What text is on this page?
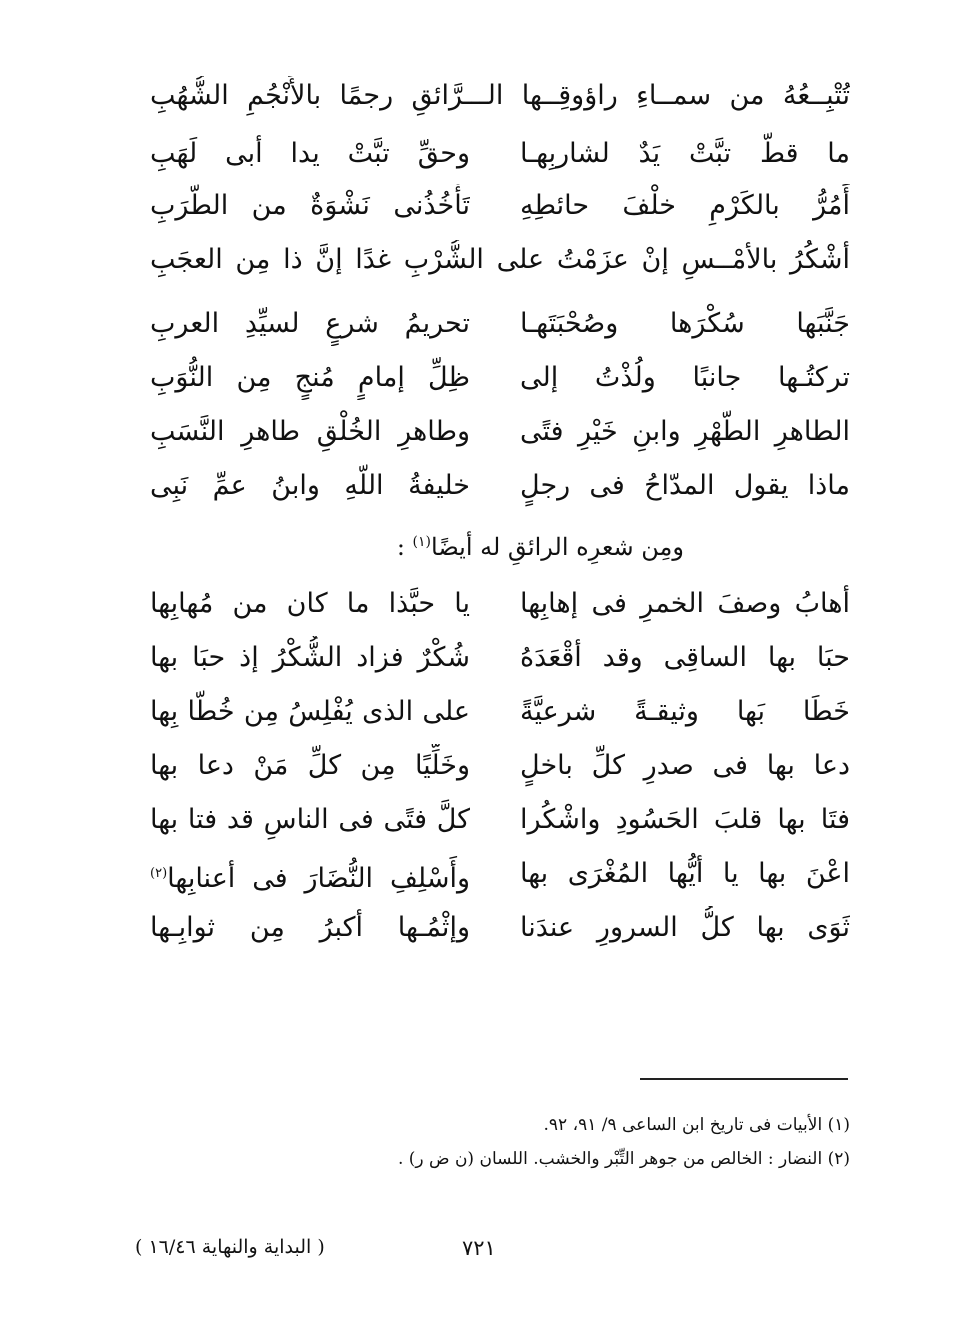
تُتْبِــعُهُ من سمــاءِ راؤوقِــها الـــرَّائقِ رجمًا بالأَنْجُمِ الشُّهُبِ
ما قطُّ تبَّتْ يَدٌ لشاربِهـا
وحقِّ تبَّتْ يدا أبى لَهَبِ
أَمُرُّ بالكَرْمِ خلْفَ حائطِهِ
تَأْخُذُنى نَشْوَةٌ من الطَّرَبِ
أَشْكُرُ بالأمْــسِ إنْ عزَمْتُ على الشُّرْبِ غدًا إنَّ ذا مِن العجَبِ
جَنَّبَها سُكْرَها وصُحْبَتَهـا
تحريمُ شرعٍ لسيِّدِ العربِ
تركتُـها جانبًا ولُذْتُ إلى
ظِلِّ إمامٍ مُنجٍ مِن النُّوَبِ
الطاهرِ الطُّهْرِ وابنِ خَيْرِ فتًى
وطاهرِ الخُلْقِ طاهرِ النَّسَبِ
ماذا يقول المدّاحُ فى رجلٍ
خليفةُ اللّهِ وابنُ عمِّ نَبِى
ومِن شعرِه الرائقِ له أيضًا$^{(١)}$ :
أهابُ وصفَ الخمرِ فى إهابِها
يا حبَّذا ما كان من مُهابِها
حبَا بها الساقِى وقد أقْعَدَهُ
شُكْرٌ فزاد الشُّكْرُ إذ حبَا بها
خَطَا بَها وثيقـةً شرعيَّةً
على الذى يُفْلِسُ مِن خُطًّا بِها
دعا بها فى صدرِ كلِّ باخلٍ
وخَلِّيًا مِن كلِّ مَنْ دعا بها
فتَا بها قلبَ الحَسُودِ واشْكُرا
كلَّ فتًى فى الناسِ قد فتا بها
اعْنَ بها يا أيُّها المُغْرَى بها
وأَسْلِفِ النُّضَارَ فى أعنابِها$^{(٢)}$
ثَوَى بها كلُّ السرورِ عندَنا
وإثْمُـها أكبرُ مِن ثوابِـها
(١) الأبيات فى تاريخ ابن الساعى ٩/ ٩١، ٩٢.
(٢) النضار : الخالص من جوهر التِّبْر والخشب. اللسان (ن ض ر) .
٧٢١
( البداية والنهاية ١٦/٤٦ )
